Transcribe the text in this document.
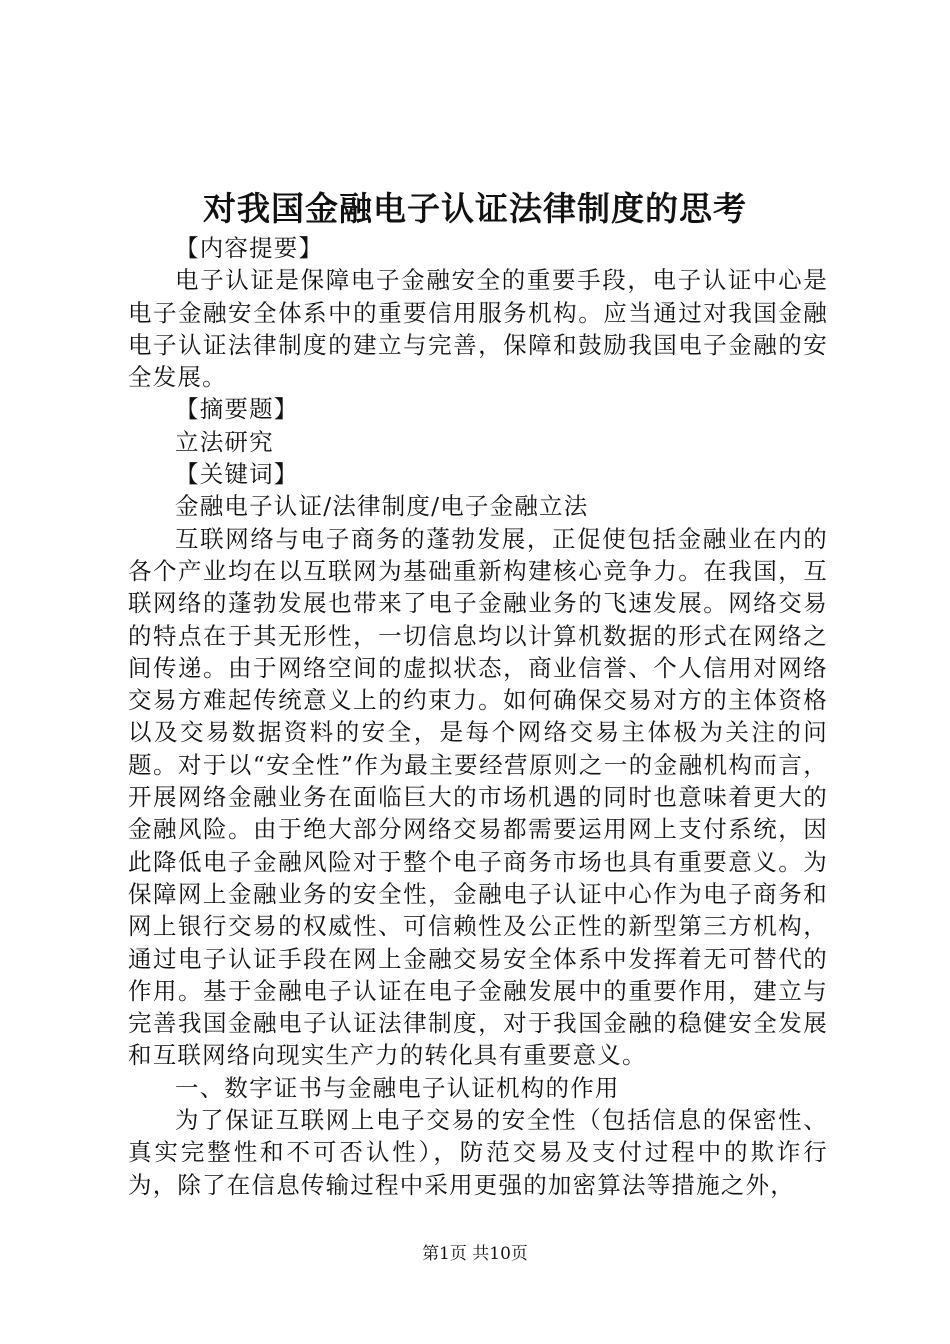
对我国金融电子认证法律制度的思考

【内容提要】

电子认证是保障电子金融安全的重要手段，电子认证中心是电子金融安全体系中的重要信用服务机构。应当通过对我国金融电子认证法律制度的建立与完善，保障和鼓励我国电子金融的安全发展。

【摘要题】

立法研究

【关键词】

金融电子认证/法律制度/电子金融立法

互联网络与电子商务的蓬勃发展，正促使包括金融业在内的各个产业均在以互联网为基础重新构建核心竞争力。在我国，互联网络的蓬勃发展也带来了电子金融业务的飞速发展。网络交易的特点在于其无形性，一切信息均以计算机数据的形式在网络之间传递。由于网络空间的虚拟状态，商业信誉、个人信用对网络交易方难起传统意义上的约束力。如何确保交易对方的主体资格以及交易数据资料的安全，是每个网络交易主体极为关注的问题。对于以“安全性”作为最主要经营原则之一的金融机构而言，开展网络金融业务在面临巨大的市场机遇的同时也意味着更大的金融风险。由于绝大部分网络交易都需要运用网上支付系统，因此降低电子金融风险对于整个电子商务市场也具有重要意义。为保障网上金融业务的安全性，金融电子认证中心作为电子商务和网上银行交易的权威性、可信赖性及公正性的新型第三方机构，通过电子认证手段在网上金融交易安全体系中发挥着无可替代的作用。基于金融电子认证在电子金融发展中的重要作用，建立与完善我国金融电子认证法律制度，对于我国金融的稳健安全发展和互联网络向现实生产力的转化具有重要意义。

一、数字证书与金融电子认证机构的作用

为了保证互联网上电子交易的安全性（包括信息的保密性、真实完整性和不可否认性），防范交易及支付过程中的欺诈行为，除了在信息传输过程中采用更强的加密算法等措施之外，

第1页 共10页
